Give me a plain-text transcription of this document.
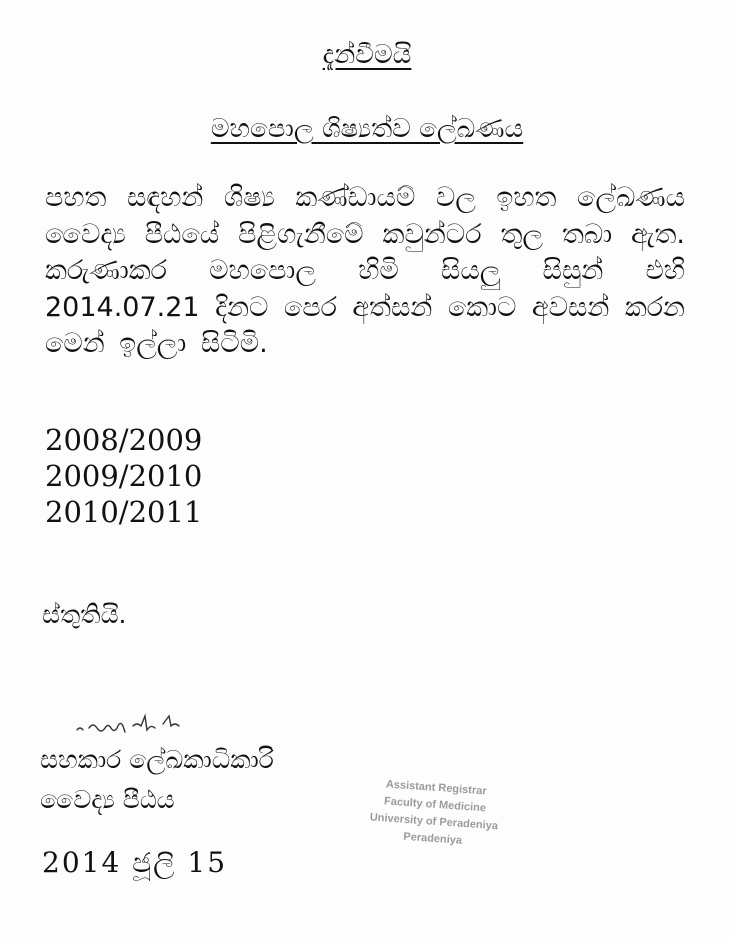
දැන්වීමයි
මහපොල ශිෂ්‍යත්ව ලේඛණය
පහත සඳහන් ශිෂ්‍ය කණ්ඩායම් වල ඉහත ලේඛණය වෛද්‍ය පීඨයේ පිළිගැනීමේ කවුන්ටර තුල තබා ඇත. කරුණාකර මහපොල හිමි සියලු සිසුන් එහි 2014.07.21 දිනට පෙර අත්සන් කොට අවසන් කරන මෙන් ඉල්ලා සිටිමි.
2008/2009
2009/2010
2010/2011
ස්තුතියි.
සහකාර ලේඛකාධිකාරි
වෛද්‍ය පීඨය	Assistant Registrar
Faculty of Medicine
University of Peradeniya
Peradeniya
2014 ජූලි 15
